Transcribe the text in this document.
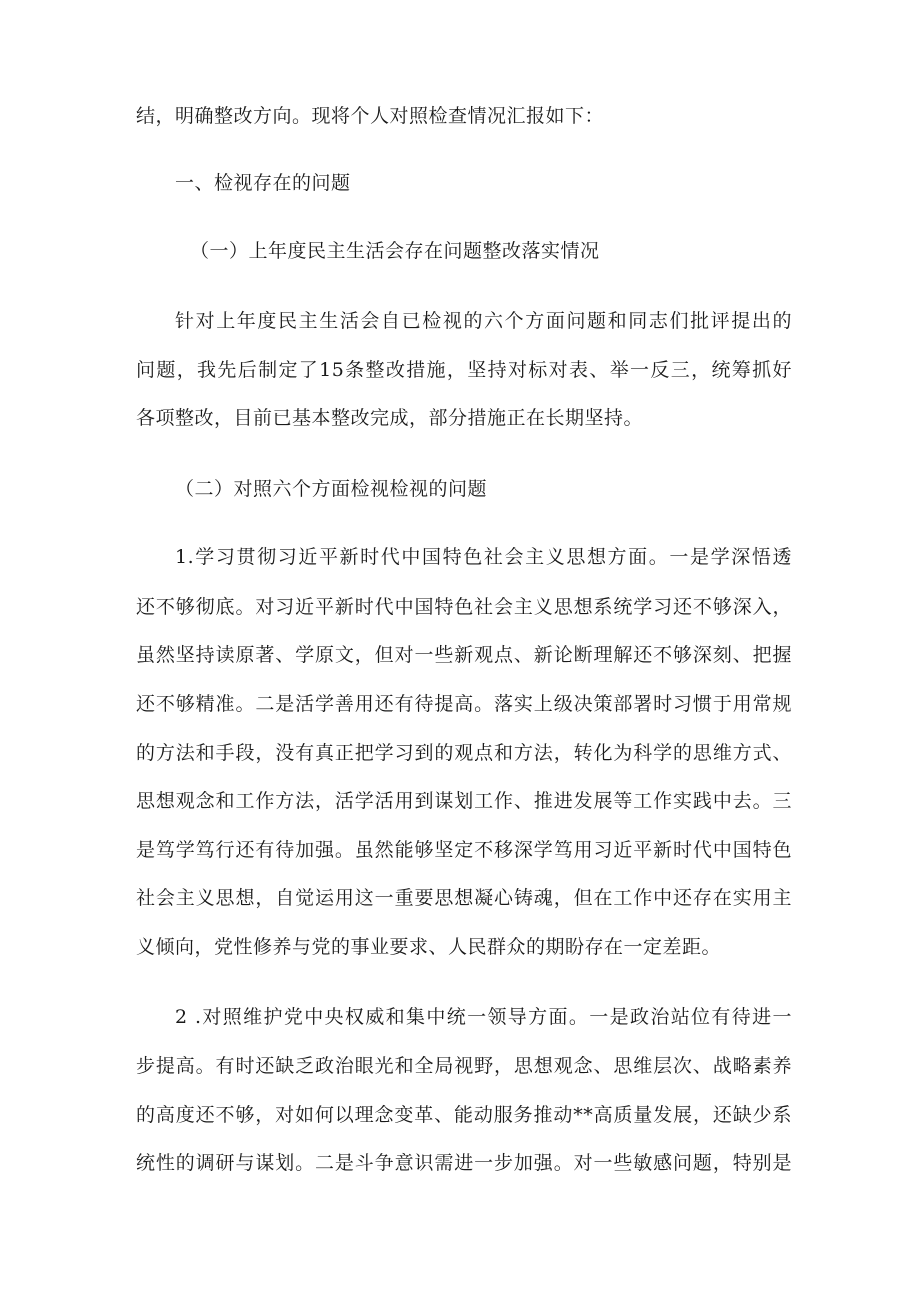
结，明确整改方向。现将个人对照检查情况汇报如下：
一、检视存在的问题
（一）上年度民主生活会存在问题整改落实情况
针对上年度民主生活会自已检视的六个方面问题和同志们批评提出的
问题，我先后制定了15条整改措施，坚持对标对表、举一反三，统筹抓好
各项整改，目前已基本整改完成，部分措施正在长期坚持。
（二）对照六个方面检视检视的问题
1.学习贯彻习近平新时代中国特色社会主义思想方面。一是学深悟透
还不够彻底。对习近平新时代中国特色社会主义思想系统学习还不够深入，
虽然坚持读原著、学原文，但对一些新观点、新论断理解还不够深刻、把握
还不够精准。二是活学善用还有待提高。落实上级决策部署时习惯于用常规
的方法和手段，没有真正把学习到的观点和方法，转化为科学的思维方式、
思想观念和工作方法，活学活用到谋划工作、推进发展等工作实践中去。三
是笃学笃行还有待加强。虽然能够坚定不移深学笃用习近平新时代中国特色
社会主义思想，自觉运用这一重要思想凝心铸魂，但在工作中还存在实用主
义倾向，党性修养与党的事业要求、人民群众的期盼存在一定差距。
2 .对照维护党中央权威和集中统一领导方面。一是政治站位有待进一
步提高。有时还缺乏政治眼光和全局视野，思想观念、思维层次、战略素养
的高度还不够，对如何以理念变革、能动服务推动**高质量发展，还缺少系
统性的调研与谋划。二是斗争意识需进一步加强。对一些敏感问题，特别是
